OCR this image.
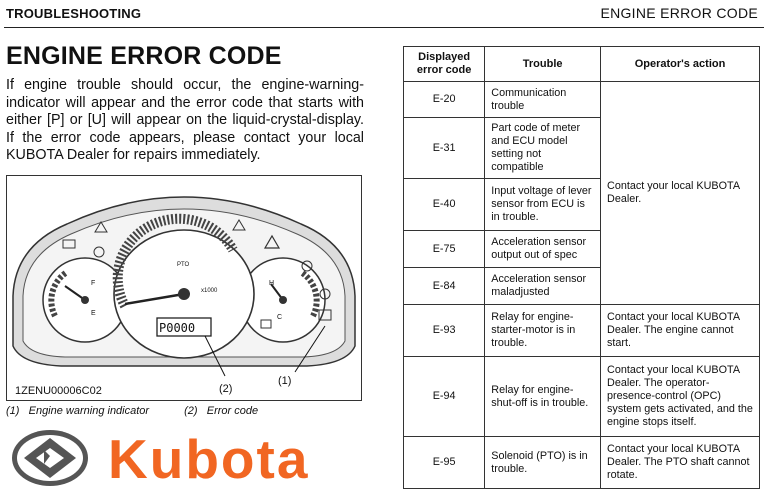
TROUBLESHOOTING	ENGINE ERROR CODE
ENGINE ERROR CODE
If engine trouble should occur, the engine-warning-indicator will appear and the error code that starts with either [P] or [U] will appear on the liquid-crystal-display. If the error code appears, please contact your local KUBOTA Dealer for repairs immediately.
P0000
x1000
PTO
F
E
H
C
1ZENU00006C02	(2)
(1)
(1)   Engine warning indicator	(2)   Error code
Kubota
Displayed error code	Trouble	Operator's action
E-20	Communication trouble	Contact your local KUBOTA Dealer.
E-31	Part code of meter and ECU model setting not compatible	
E-40	Input voltage of lever sensor from ECU is in trouble.	
E-75	Acceleration sensor output out of spec	
E-84	Acceleration sensor maladjusted	
E-93	Relay for engine-starter-motor is in trouble.	Contact your local KUBOTA Dealer. The engine cannot start.
E-94	Relay for engine-shut-off is in trouble.	Contact your local KUBOTA Dealer. The operator-presence-control (OPC) system gets activated, and the engine stops itself.
E-95	Solenoid (PTO) is in trouble.	Contact your local KUBOTA Dealer. The PTO shaft cannot rotate.
